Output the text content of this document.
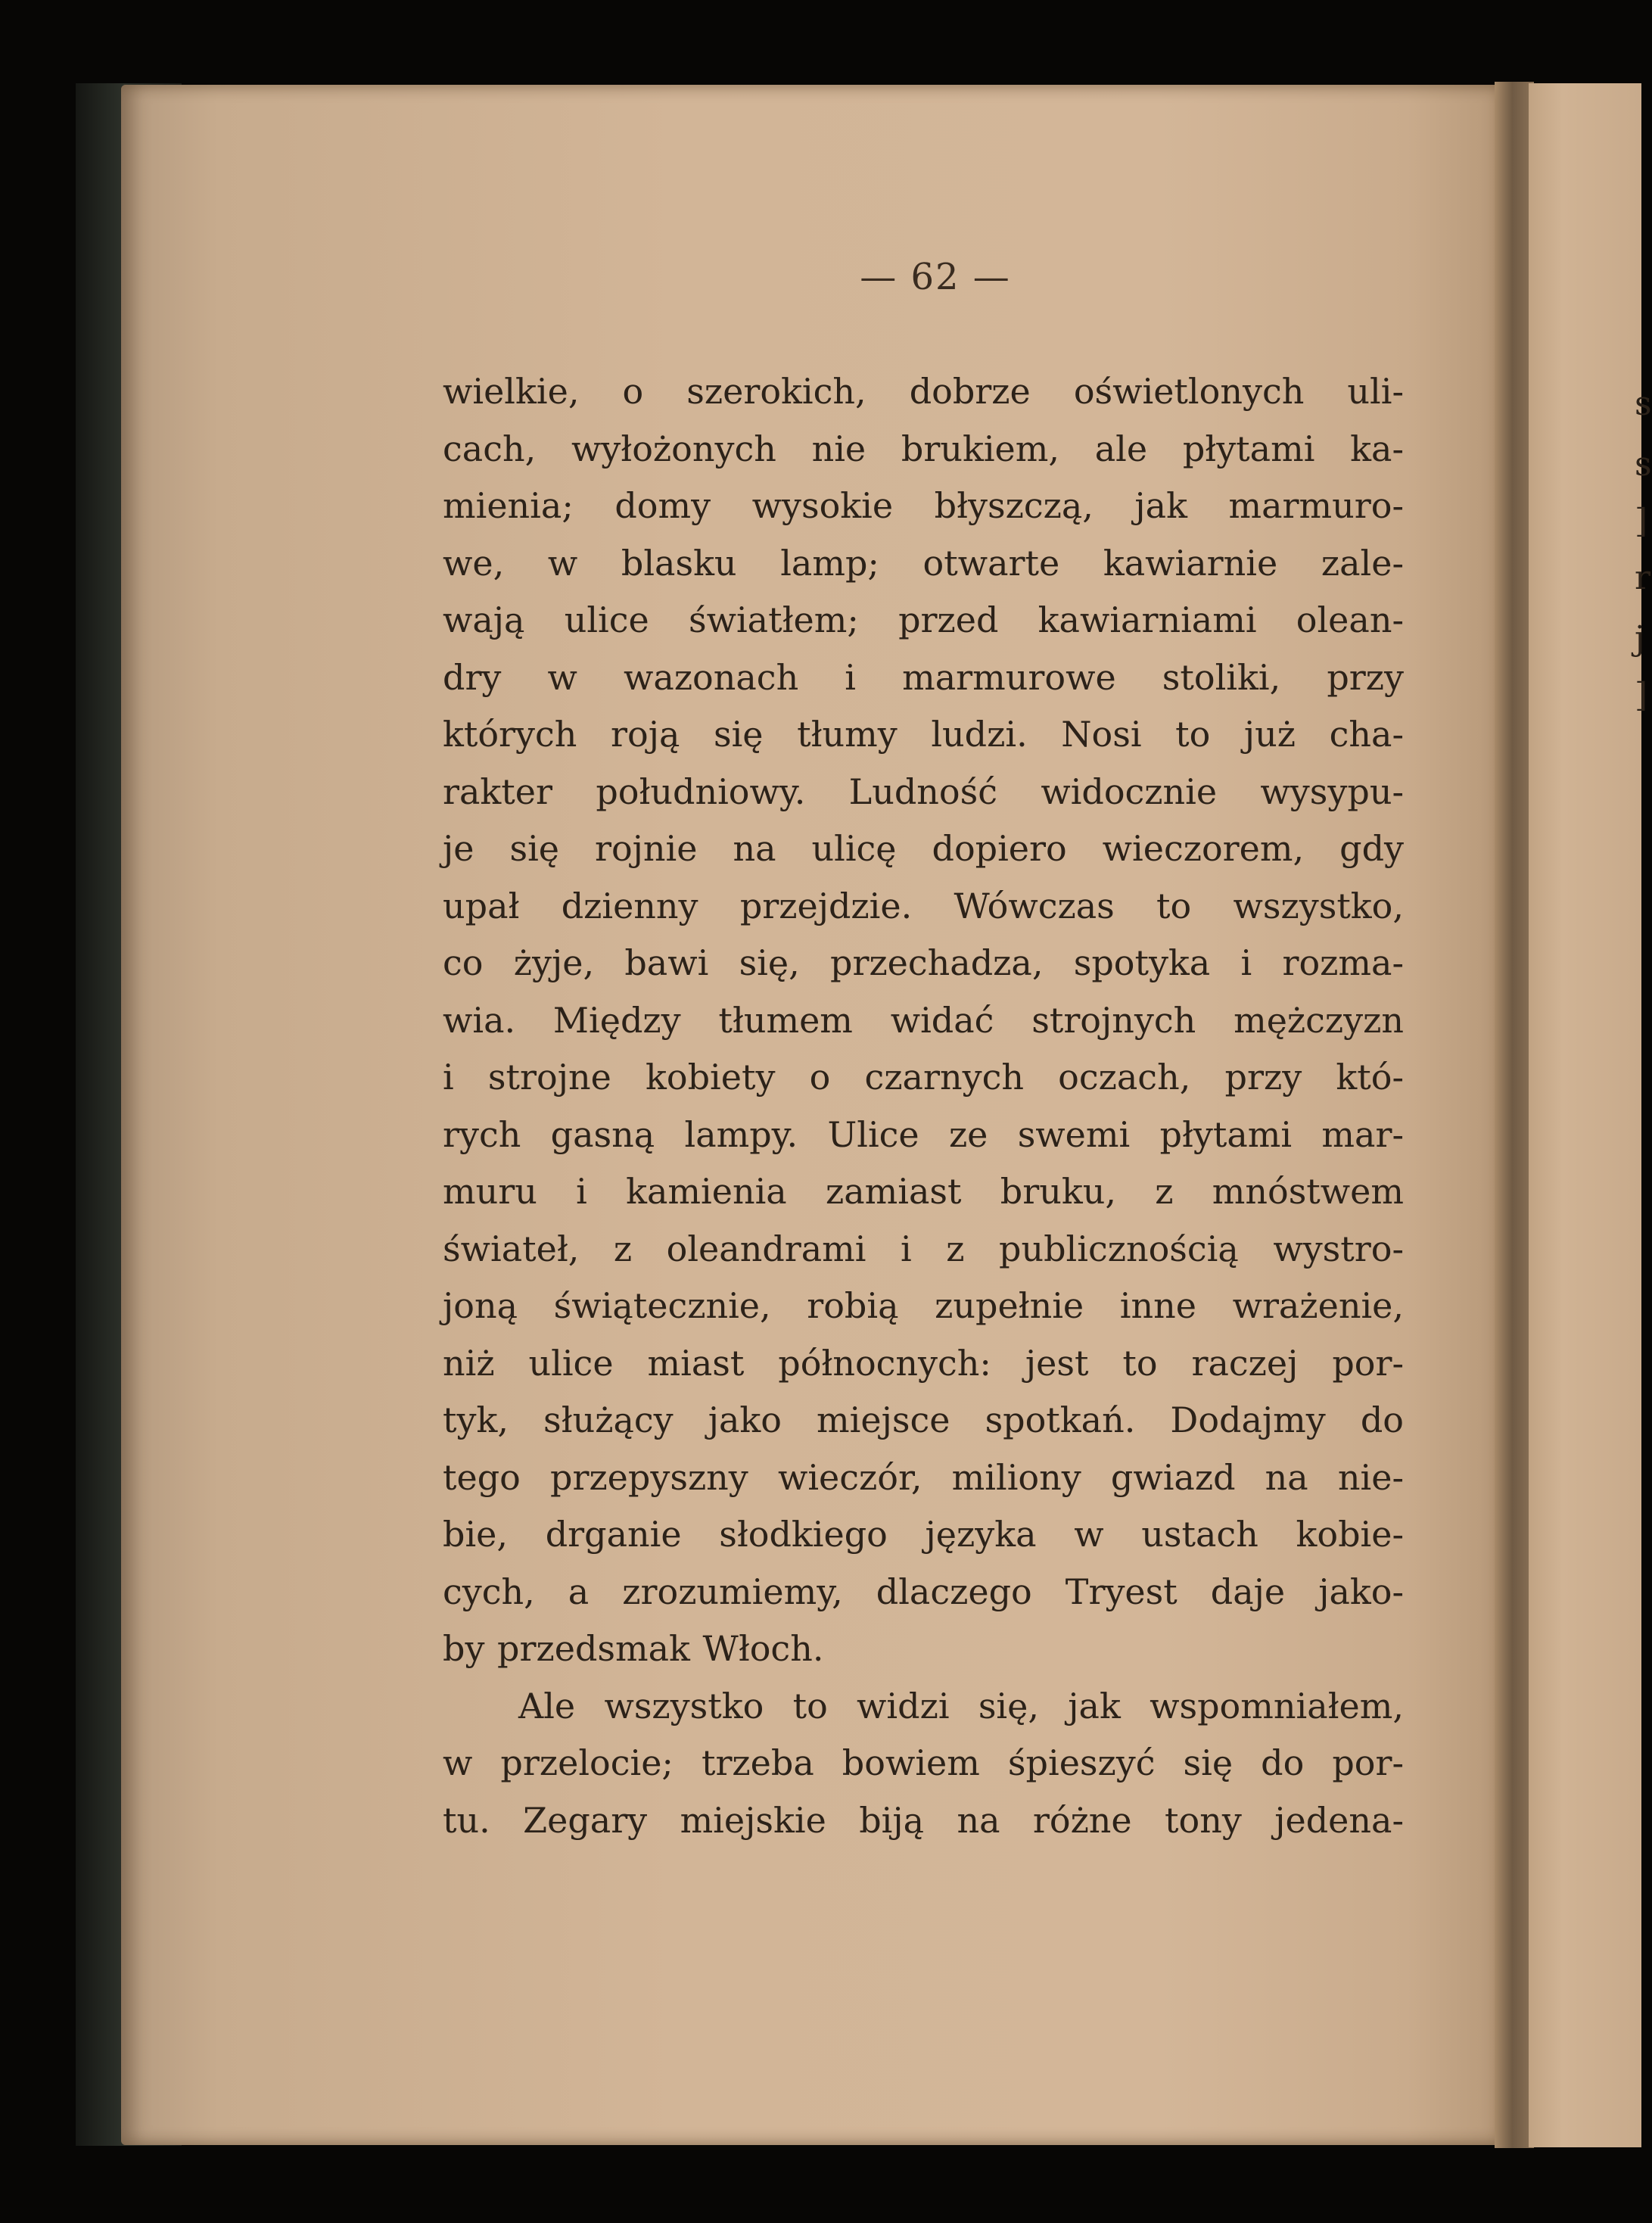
s
s
]
r
j
]
— 62 —
wielkie, o szerokich, dobrze oświetlonych uli-
cach, wyłożonych nie brukiem, ale płytami ka-
mienia; domy wysokie błyszczą, jak marmuro-
we, w blasku lamp; otwarte kawiarnie zale-
wają ulice światłem; przed kawiarniami olean-
dry w wazonach i marmurowe stoliki, przy
których roją się tłumy ludzi. Nosi to już cha-
rakter południowy. Ludność widocznie wysypu-
je się rojnie na ulicę dopiero wieczorem, gdy
upał dzienny przejdzie. Wówczas to wszystko,
co żyje, bawi się, przechadza, spotyka i rozma-
wia. Między tłumem widać strojnych mężczyzn
i strojne kobiety o czarnych oczach, przy któ-
rych gasną lampy. Ulice ze swemi płytami mar-
muru i kamienia zamiast bruku, z mnóstwem
świateł, z oleandrami i z publicznością wystro-
joną świątecznie, robią zupełnie inne wrażenie,
niż ulice miast północnych: jest to raczej por-
tyk, służący jako miejsce spotkań. Dodajmy do
tego przepyszny wieczór, miliony gwiazd na nie-
bie, drganie słodkiego języka w ustach kobie-
cych, a zrozumiemy, dlaczego Tryest daje jako-
by przedsmak Włoch.
Ale wszystko to widzi się, jak wspomniałem,
w przelocie; trzeba bowiem śpieszyć się do por-
tu. Zegary miejskie biją na różne tony jedena-
